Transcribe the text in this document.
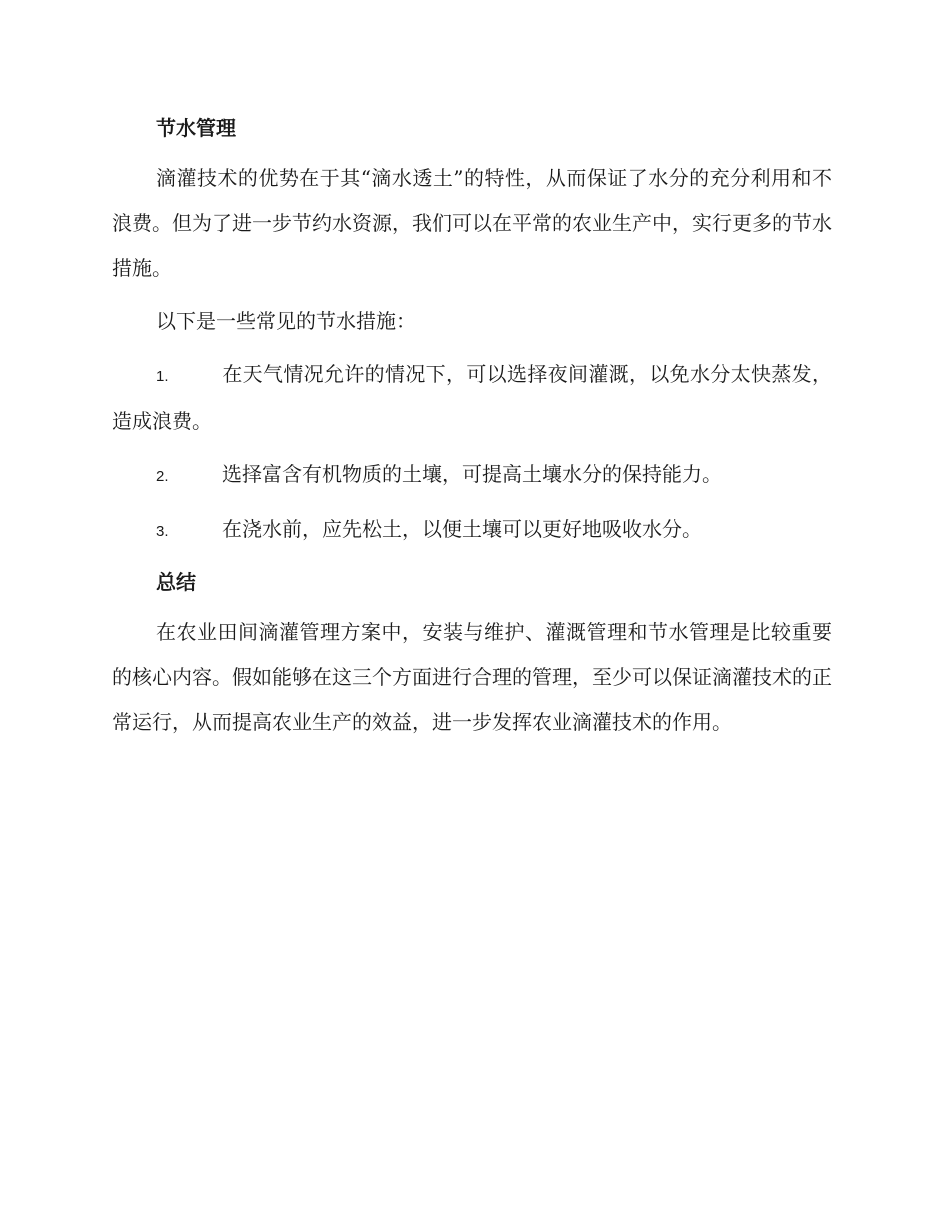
节水管理

滴灌技术的优势在于其“滴水透土”的特性，从而保证了水分的充分利用和不浪费。但为了进一步节约水资源，我们可以在平常的农业生产中，实行更多的节水措施。

以下是一些常见的节水措施：

1.	在天气情况允许的情况下，可以选择夜间灌溉，以免水分太快蒸发，造成浪费。

2.	选择富含有机物质的土壤，可提高土壤水分的保持能力。

3.	在浇水前，应先松土，以便土壤可以更好地吸收水分。

总结

在农业田间滴灌管理方案中，安装与维护、灌溉管理和节水管理是比较重要的核心内容。假如能够在这三个方面进行合理的管理，至少可以保证滴灌技术的正常运行，从而提高农业生产的效益，进一步发挥农业滴灌技术的作用。
